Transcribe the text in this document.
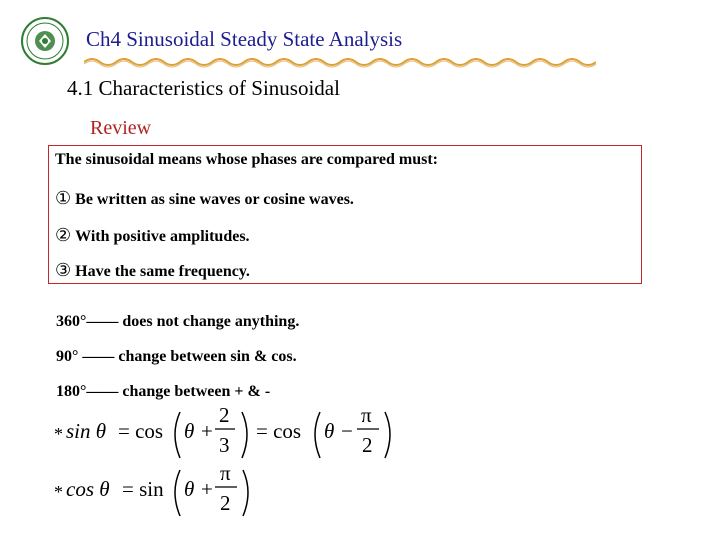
Ch4 Sinusoidal Steady State Analysis
4.1 Characteristics of Sinusoidal
Review
The sinusoidal means whose phases are compared must:
① Be written as sine waves or cosine waves.
② With positive amplitudes.
③ Have the same frequency.
360°—— does not change anything.
90° —— change between sin & cos.
180°—— change between + & -
* sin θ = cos θ +
2
3
= cos θ −
π
2
* cos θ = sin θ +
π
2
